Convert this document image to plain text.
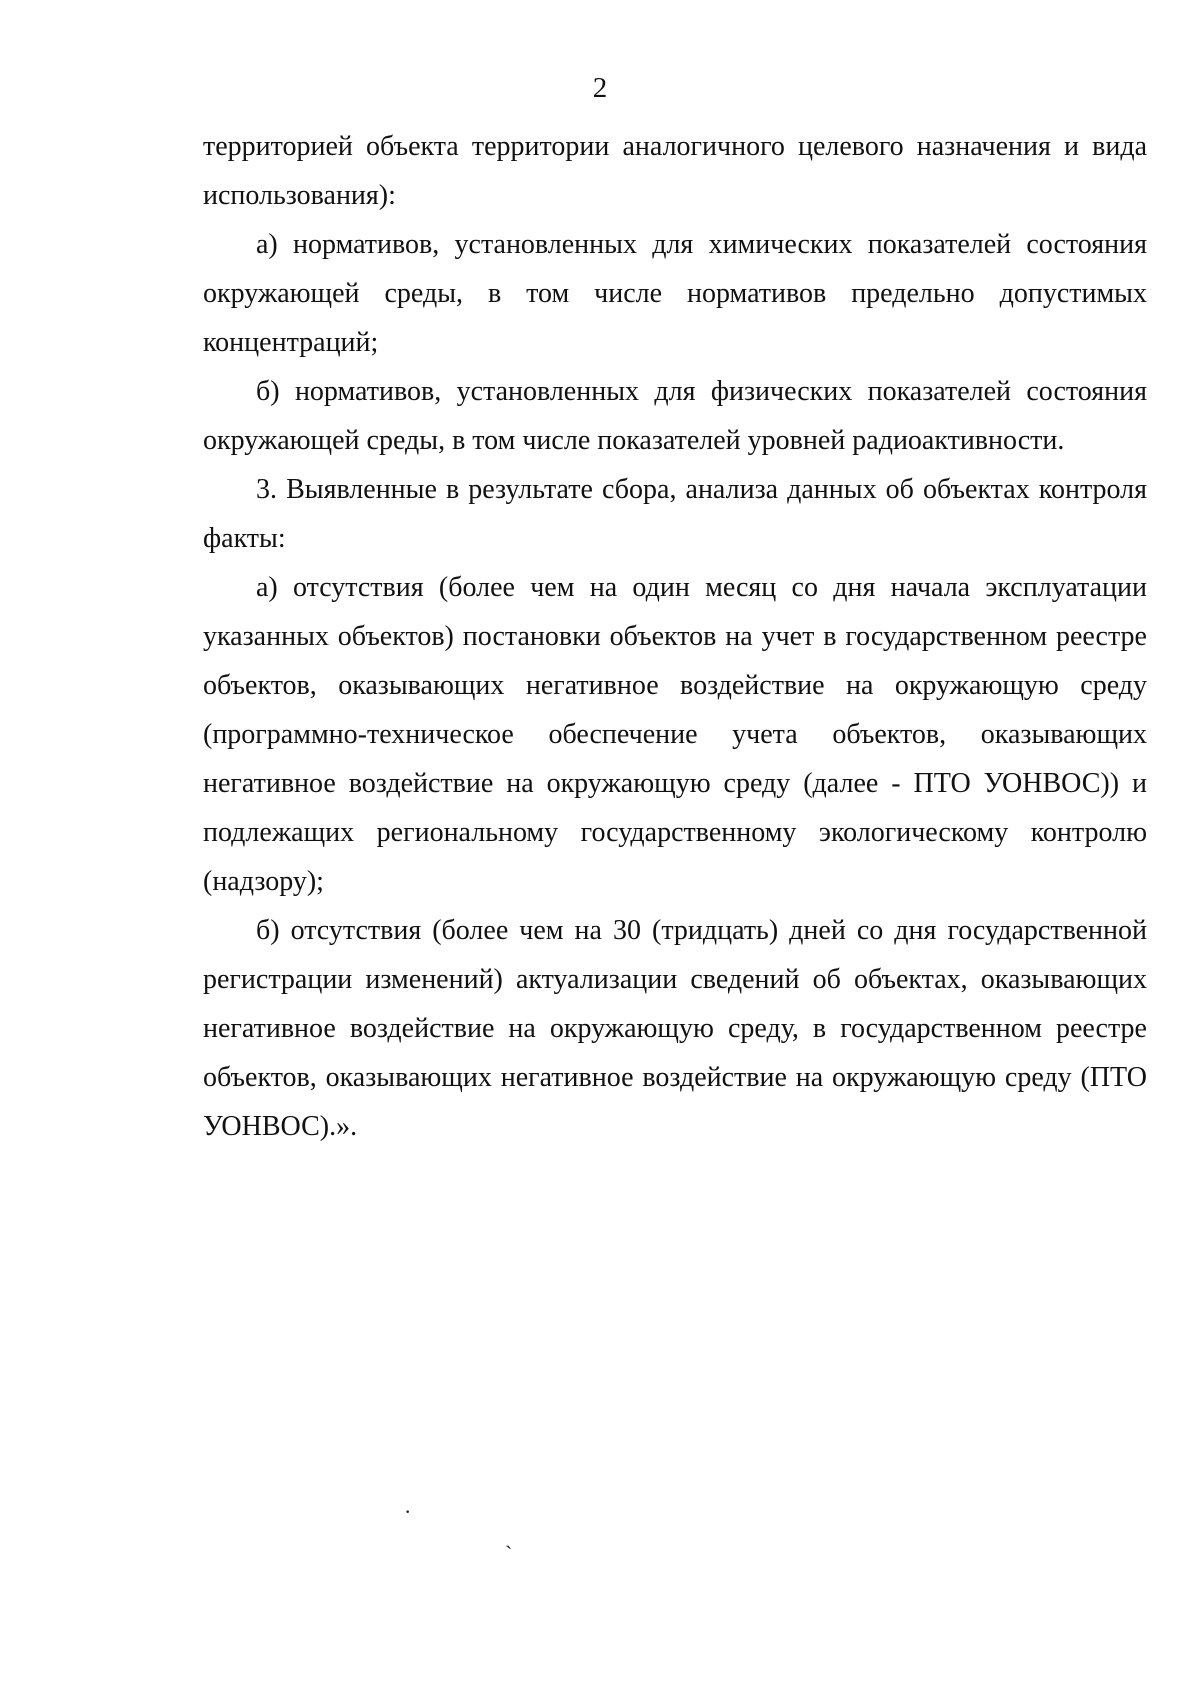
2

территорией объекта территории аналогичного целевого назначения и вида использования):

а) нормативов, установленных для химических показателей состояния окружающей среды, в том числе нормативов предельно допустимых концентраций;

б) нормативов, установленных для физических показателей состояния окружающей среды, в том числе показателей уровней радиоактивности.

3. Выявленные в результате сбора, анализа данных об объектах контроля факты:

а) отсутствия (более чем на один месяц со дня начала эксплуатации указанных объектов) постановки объектов на учет в государственном реестре объектов, оказывающих негативное воздействие на окружающую среду (программно-техническое обеспечение учета объектов, оказывающих негативное воздействие на окружающую среду (далее - ПТО УОНВОС)) и подлежащих региональному государственному экологическому контролю (надзору);

б) отсутствия (более чем на 30 (тридцать) дней со дня государственной регистрации изменений) актуализации сведений об объектах, оказывающих негативное воздействие на окружающую среду, в государственном реестре объектов, оказывающих негативное воздействие на окружающую среду (ПТО УОНВОС).».

·
`
